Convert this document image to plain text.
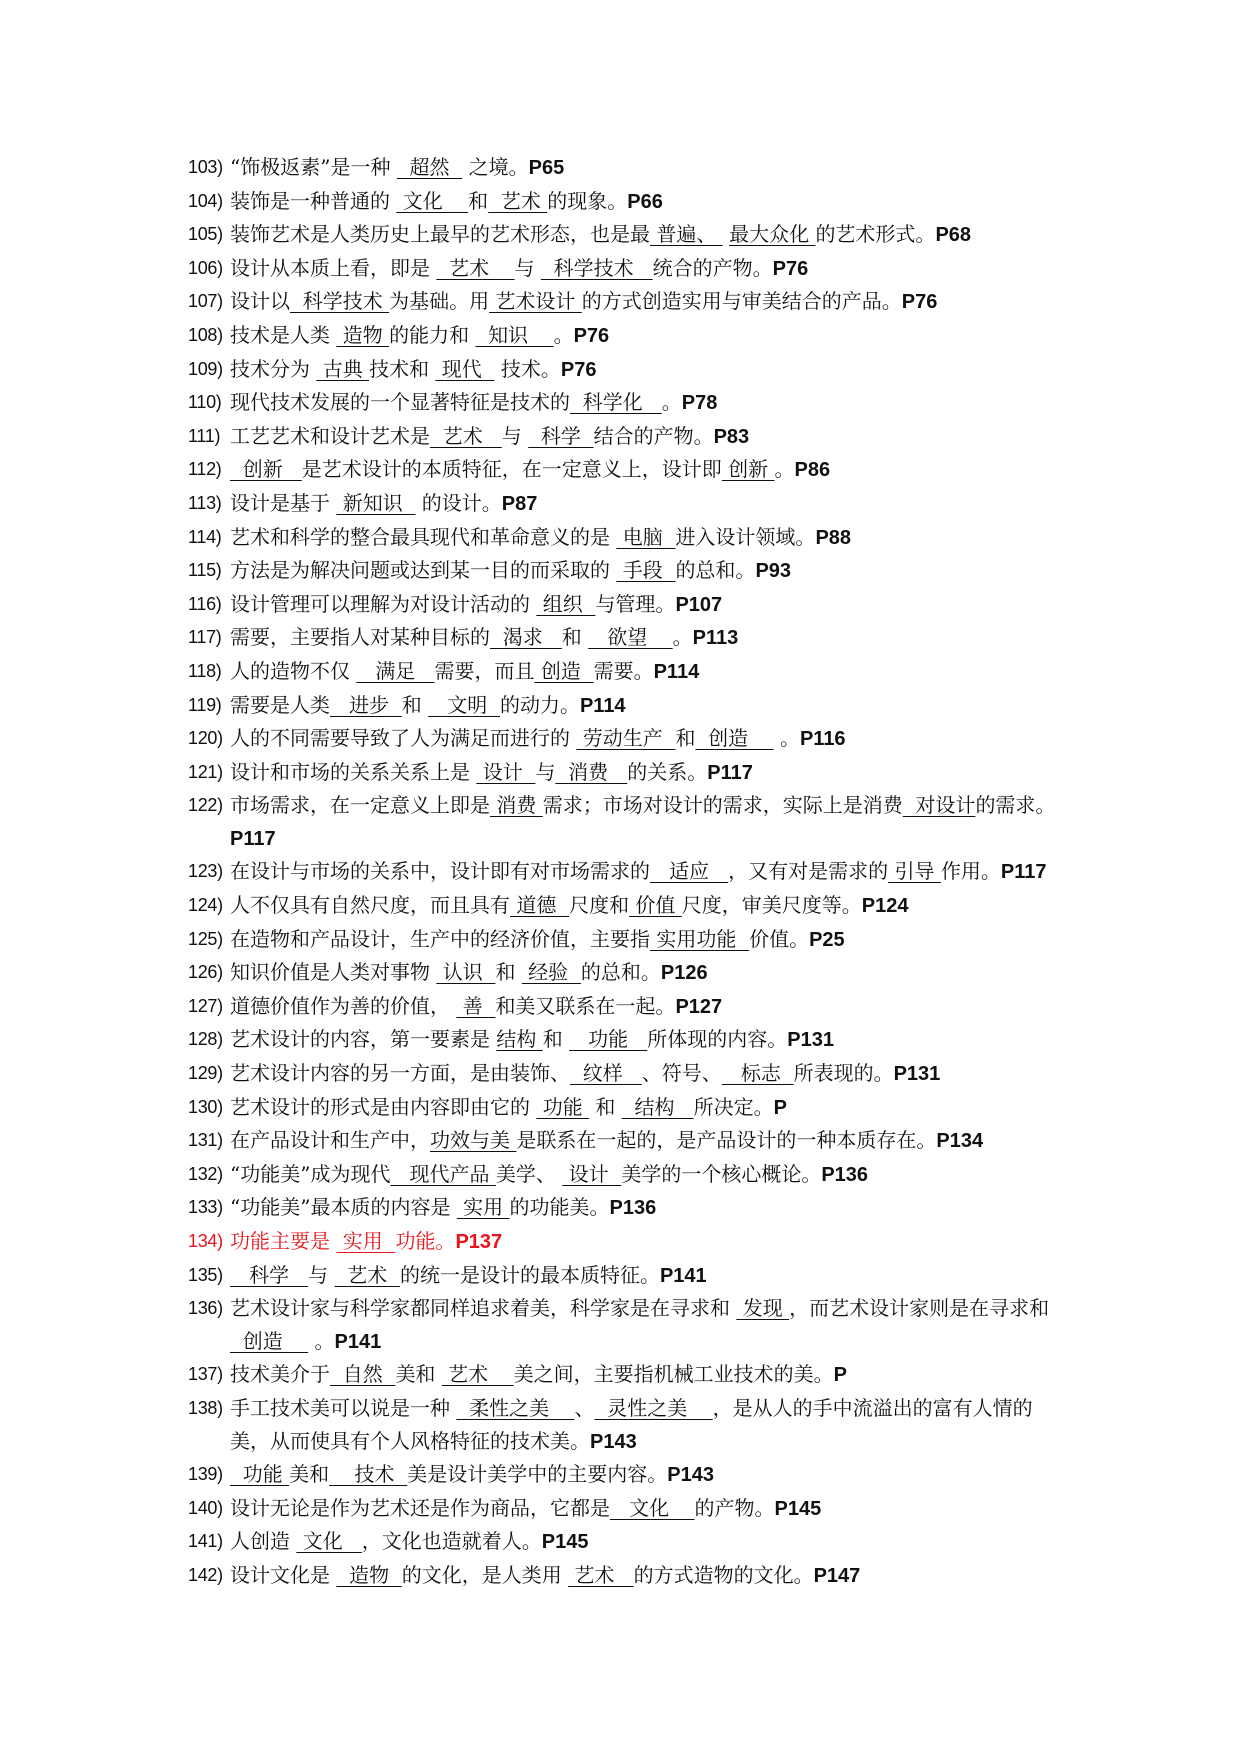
103) “饰极返素”是一种   超然   之境。P65
104) 装饰是一种普通的  文化    和  艺术 的现象。P66
105) 装饰艺术是人类历史上最早的艺术形态，也是最 普遍、  最大众化 的艺术形式。P68
106) 设计从本质上看，即是   艺术    与   科学技术   统合的产物。P76
107) 设计以  科学技术 为基础。用 艺术设计 的方式创造实用与审美结合的产品。P76
108) 技术是人类  造物 的能力和   知识    。P76
109) 技术分为  古典 技术和  现代   技术。P76
110) 现代技术发展的一个显著特征是技术的  科学化   。P78
111) 工艺艺术和设计艺术是  艺术   与   科学  结合的产物。P83
112) 创新   是艺术设计的本质特征，在一定意义上，设计即 创新 。P86
113) 设计是基于  新知识   的设计。P87
114) 艺术和科学的整合最具现代和革命意义的是  电脑  进入设计领域。P88
115) 方法是为解决问题或达到某一目的而采取的  手段  的总和。P93
116) 设计管理可以理解为对设计活动的  组织  与管理。P107
117) 需要，主要指人对某种目标的  渴求   和    欲望    。P113
118) 人的造物不仅    满足   需要，而且 创造  需要。P114
119) 需要是人类   进步  和    文明  的动力。P114
120) 人的不同需要导致了人为满足而进行的  劳动生产  和  创造     。P116
121) 设计和市场的关系关系上是  设计  与  消费   的关系。P117
122) 市场需求，在一定意义上即是 消费 需求；市场对设计的需求，实际上是消费  对设计的需求。P117
123) 在设计与市场的关系中，设计即有对市场需求的   适应   ，又有对是需求的 引导 作用。P117
124) 人不仅具有自然尺度，而且具有 道德  尺度和 价值 尺度，审美尺度等。P124
125) 在造物和产品设计，生产中的经济价值，主要指 实用功能  价值。P25
126) 知识价值是人类对事物  认识  和  经验  的总和。P126
127) 道德价值作为善的价值，  善  和美又联系在一起。P127
128) 艺术设计的内容，第一要素是 结构 和    功能   所体现的内容。P131
129) 艺术设计内容的另一方面，是由装饰、  纹样   、符号、   标志  所表现的。P131
130) 艺术设计的形式是由内容即由它的  功能  和   结构   所决定。P
131) 在产品设计和生产中，功效与美 是联系在一起的，是产品设计的一种本质存在。P134
132) “功能美”成为现代   现代产品 美学、  设计  美学的一个核心概论。P136
133) “功能美”最本质的内容是  实用 的功能美。P136
134) 功能主要是  实用  功能。P137
135) 科学   与   艺术  的统一是设计的最本质特征。P141
136) 艺术设计家与科学家都同样追求着美，科学家是在寻求和  发现 ，而艺术设计家则是在寻求和   创造     。P141
137) 技术美介于  自然  美和  艺术    美之间，主要指机械工业技术的美。P
138) 手工技术美可以说是一种   柔性之美    、  灵性之美    ，是从人的手中流溢出的富有人情的美，从而使具有个人风格特征的技术美。P143
139) 功能 美和    技术  美是设计美学中的主要内容。P143
140) 设计无论是作为艺术还是作为商品，它都是   文化    的产物。P145
141) 人创造  文化   ，文化也造就着人。P145
142) 设计文化是   造物  的文化，是人类用  艺术   的方式造物的文化。P147
